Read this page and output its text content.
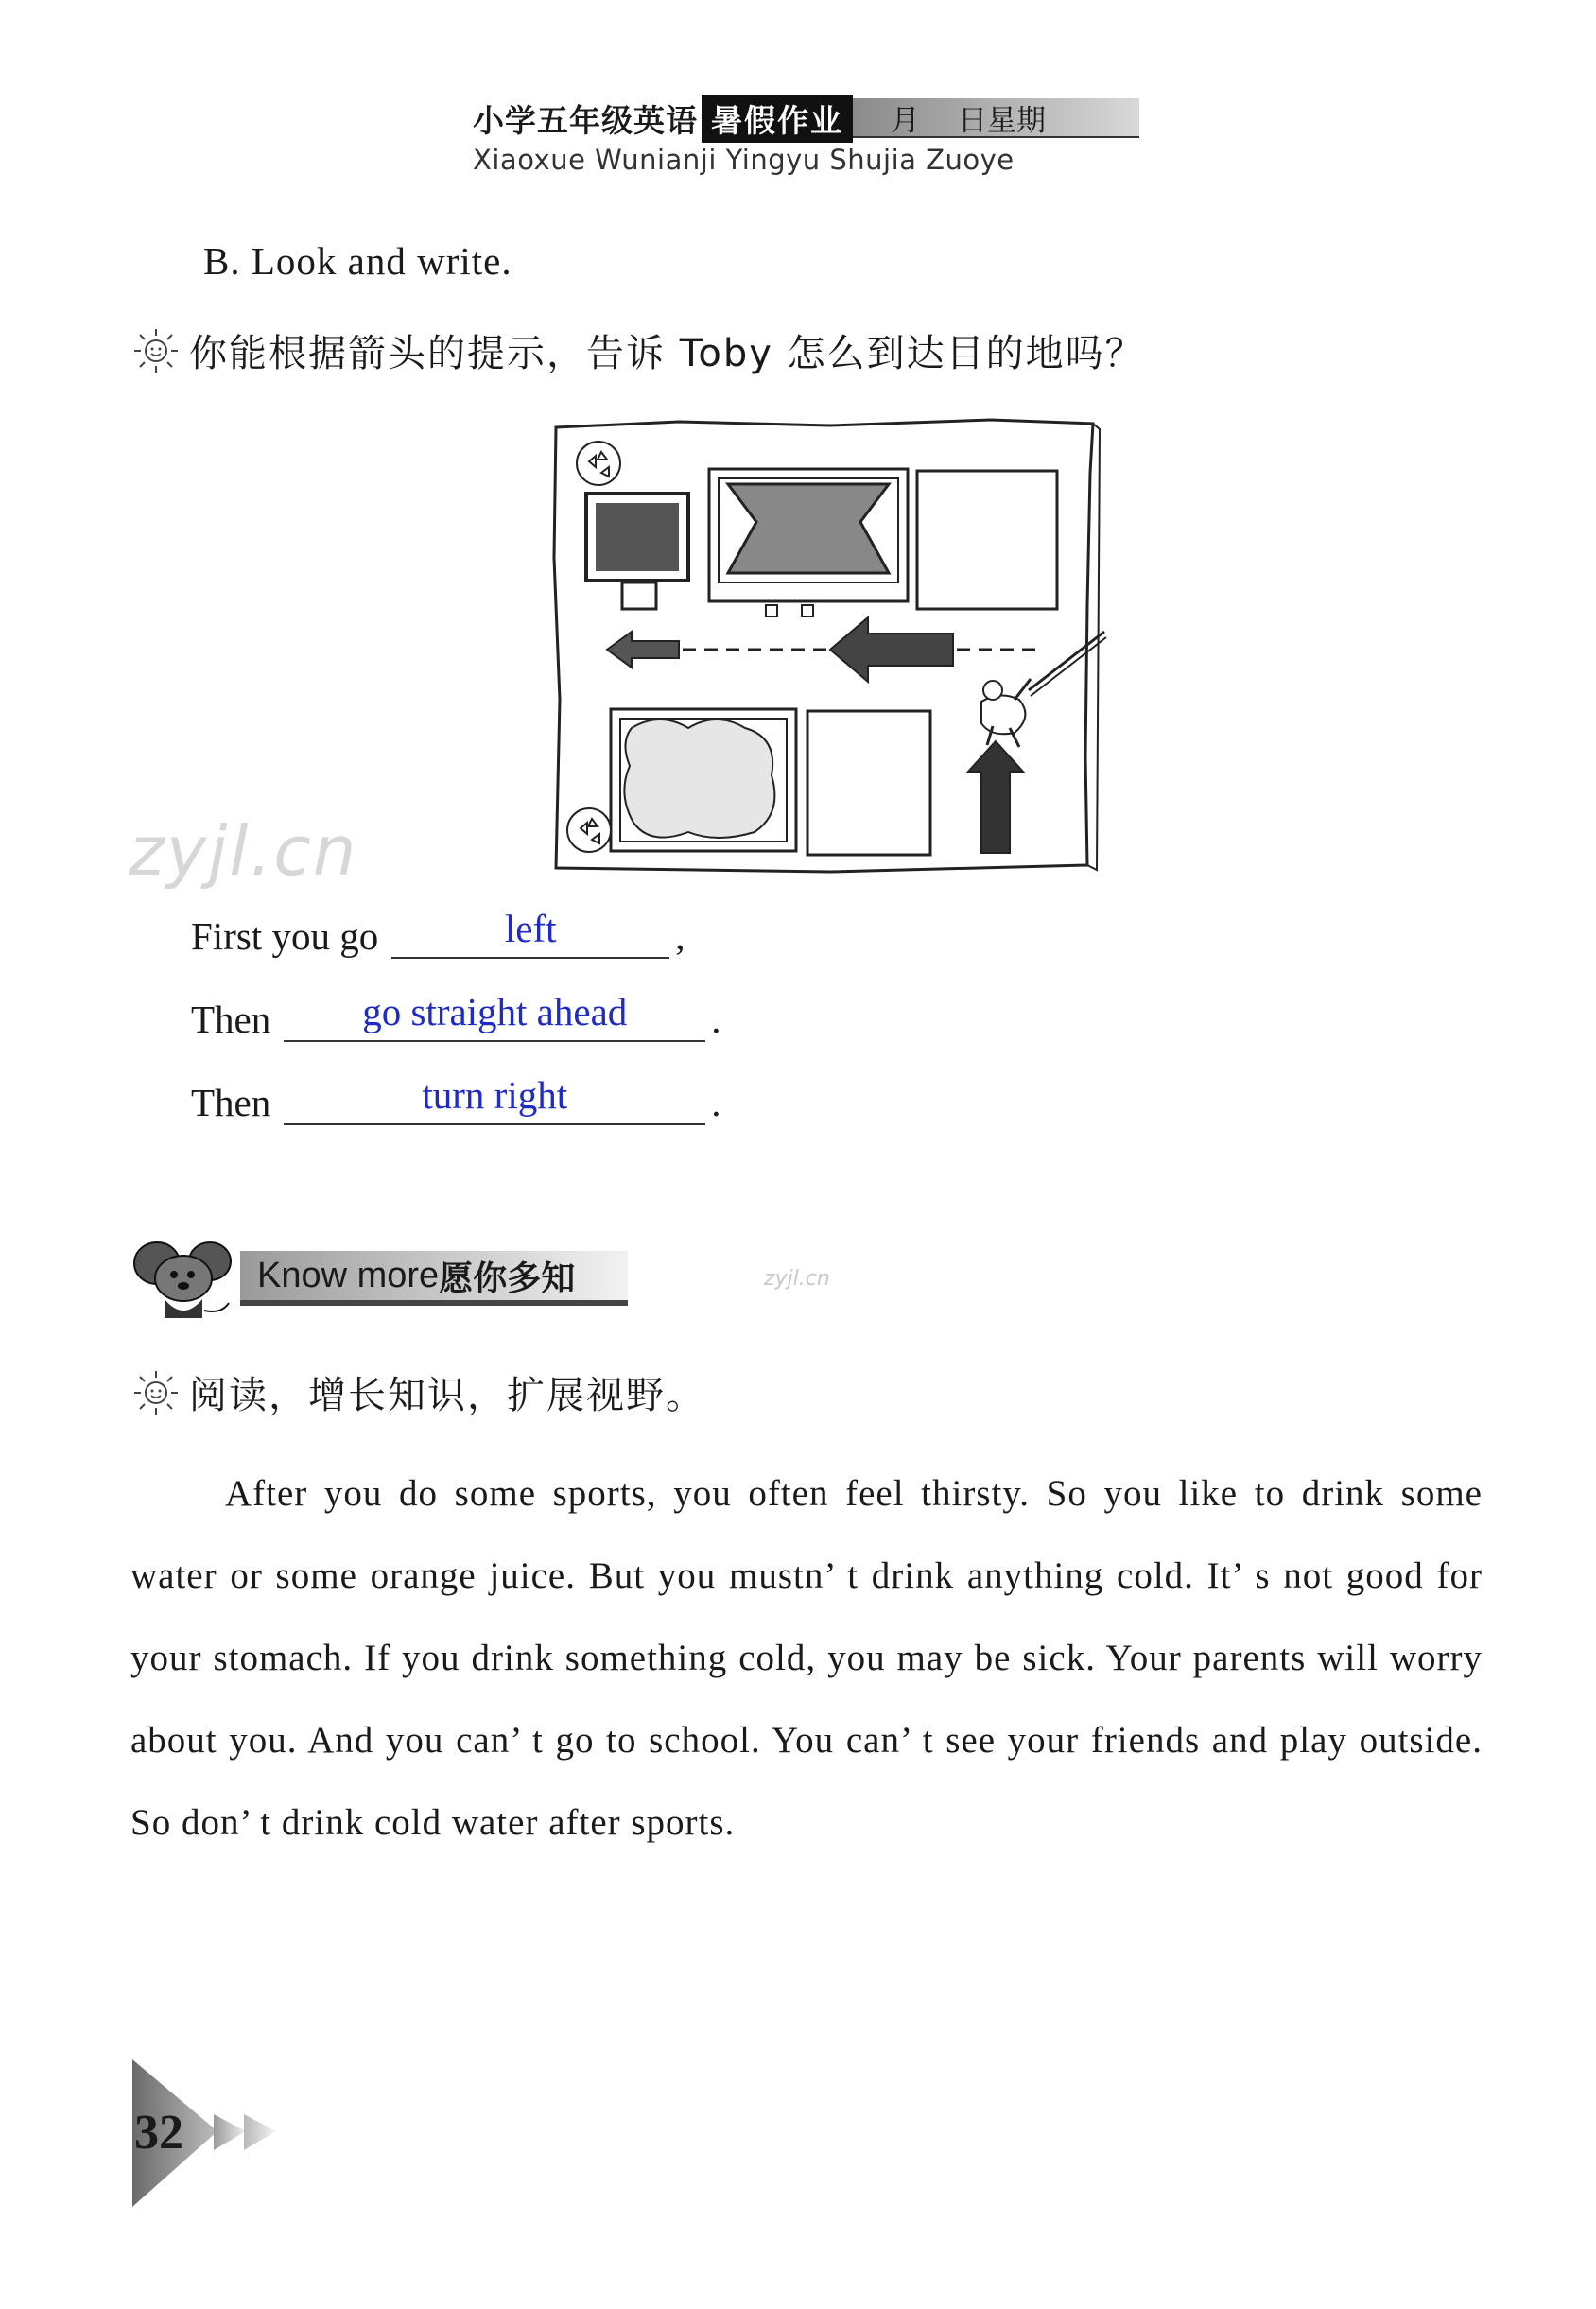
小学五年级英语 暑假作业	月 日星期
Xiaoxue Wunianji Yingyu Shujia Zuoye
B. Look and write.
你能根据箭头的提示，告诉 Toby 怎么到达目的地吗？
First you go	left	,
Then	go straight ahead	.
Then	turn right	.
zyjl.cn
zyjl.cn
Know more 愿你多知
阅读，增长知识，扩展视野。

After you do some sports, you often feel thirsty. So you like to drink some water or some orange juice. But you mustn’ t drink anything cold. It’ s not good for your stomach. If you drink something cold, you may be sick. Your parents will worry about you. And you can’ t go to school. You can’ t see your friends and play outside. So don’ t drink cold water after sports.

32
